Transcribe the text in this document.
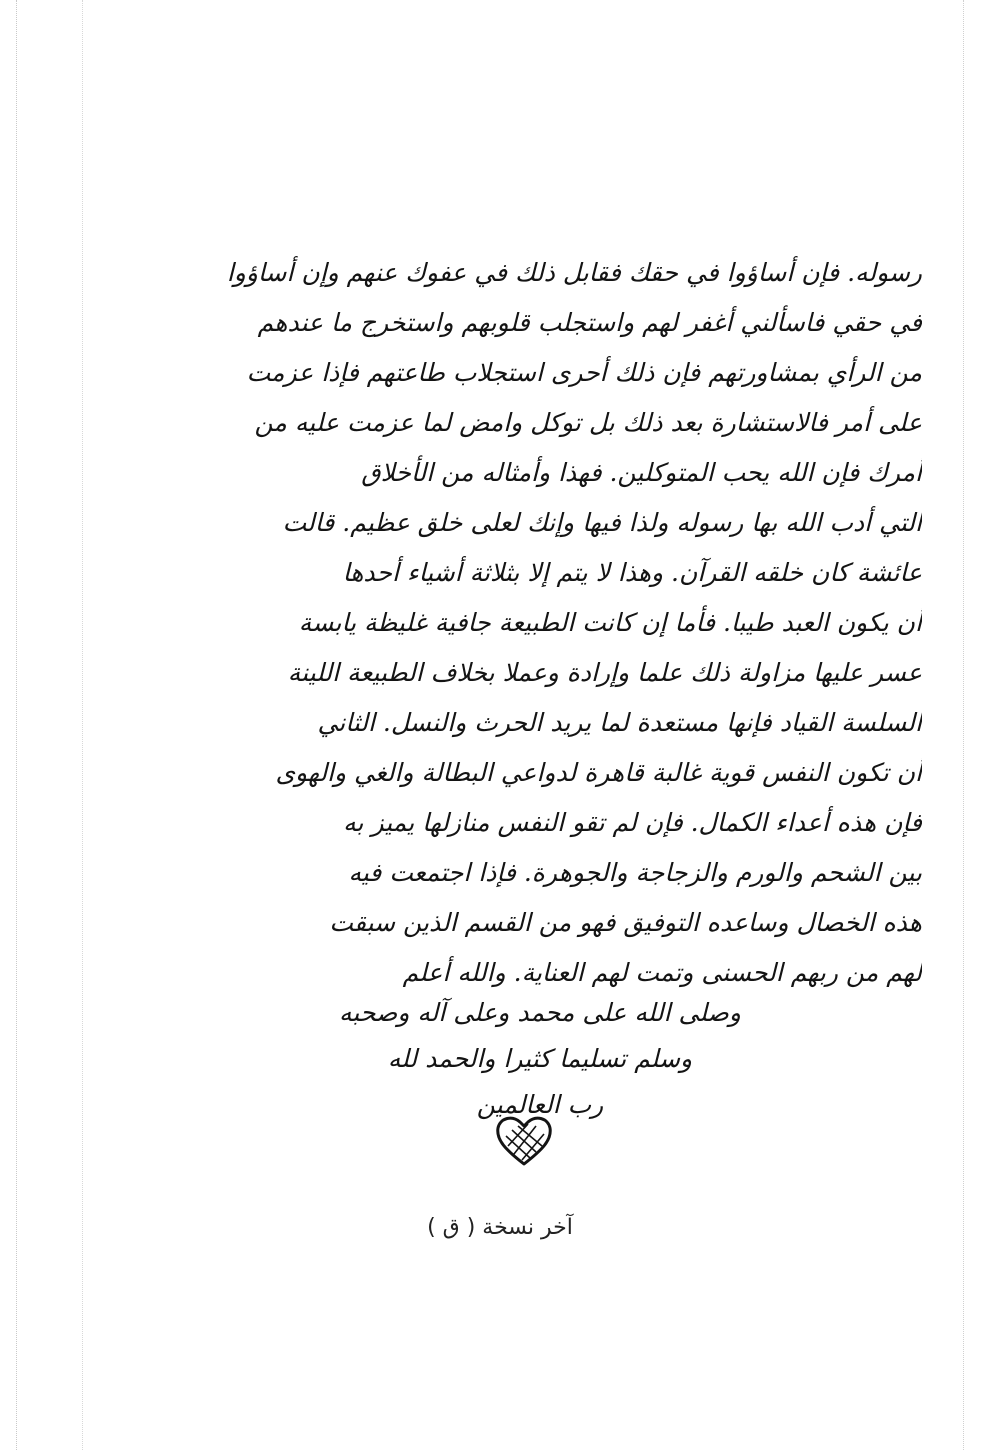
رسوله. فإن أساؤوا في حقك فقابل ذلك في عفوك عنهم وإن أساؤوا
في حقي فاسألني أغفر لهم واستجلب قلوبهم واستخرج ما عندهم
من الرأي بمشاورتهم فإن ذلك أحرى استجلاب طاعتهم فإذا عزمت
على أمر فالاستشارة بعد ذلك بل توكل وامض لما عزمت عليه من
أمرك فإن الله يحب المتوكلين. فهذا وأمثاله من الأخلاق
التي أدب الله بها رسوله ولذا فيها وإنك لعلى خلق عظيم. قالت
عائشة كان خلقه القرآن. وهذا لا يتم إلا بثلاثة أشياء أحدها
أن يكون العبد طيبا. فأما إن كانت الطبيعة جافية غليظة يابسة
عسر عليها مزاولة ذلك علما وإرادة وعملا بخلاف الطبيعة اللينة
السلسة القياد فإنها مستعدة لما يريد الحرث والنسل. الثاني
أن تكون النفس قوية غالبة قاهرة لدواعي البطالة والغي والهوى
فإن هذه أعداء الكمال. فإن لم تقو النفس منازلها يميز به
بين الشحم والورم والزجاجة والجوهرة. فإذا اجتمعت فيه
هذه الخصال وساعده التوفيق فهو من القسم الذين سبقت
لهم من ربهم الحسنى وتمت لهم العناية. والله أعلم
وصلى الله على محمد وعلى آله وصحبه
وسلم تسليما كثيرا والحمد لله
رب العالمين
آخر نسخة ( ق )
